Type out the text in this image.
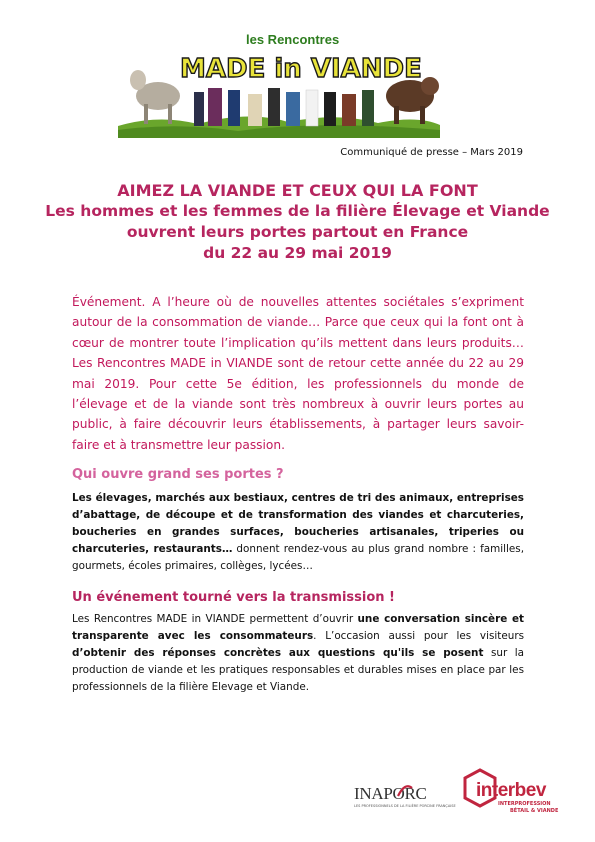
les Rencontres
MADE in VIANDE
Communiqué de presse – Mars 2019
AIMEZ LA VIANDE ET CEUX QUI LA FONT
Les hommes et les femmes de la filière Élevage et Viande
ouvrent leurs portes partout en France
du 22 au 29 mai 2019
Événement. A l’heure où de nouvelles attentes sociétales s’expriment autour de la consommation de viande… Parce que ceux qui la font ont à cœur de montrer toute l’implication qu’ils mettent dans leurs produits… Les Rencontres MADE in VIANDE sont de retour cette année du 22 au 29 mai 2019. Pour cette 5e édition, les professionnels du monde de l’élevage et de la viande sont très nombreux à ouvrir leurs portes au public, à faire découvrir leurs établissements, à partager leurs savoir-faire et à transmettre leur passion.
Qui ouvre grand ses portes ?
Les élevages, marchés aux bestiaux, centres de tri des animaux, entreprises d’abattage, de découpe et de transformation des viandes et charcuteries, boucheries en grandes surfaces, boucheries artisanales, triperies ou charcuteries, restaurants… donnent rendez-vous au plus grand nombre : familles, gourmets, écoles primaires, collèges, lycées…
Un événement tourné vers la transmission !
Les Rencontres MADE in VIANDE permettent d’ouvrir une conversation sincère et transparente avec les consommateurs. L’occasion aussi pour les visiteurs d’obtenir des réponses concrètes aux questions qu'ils se posent sur la production de viande et les pratiques responsables et durables mises en place par les professionnels de la filière Elevage et Viande.
INAPORC
LES PROFESSIONNELS DE LA FILIÈRE PORCINE FRANÇAISE
interbev
INTERPROFESSION
BÉTAIL & VIANDE
